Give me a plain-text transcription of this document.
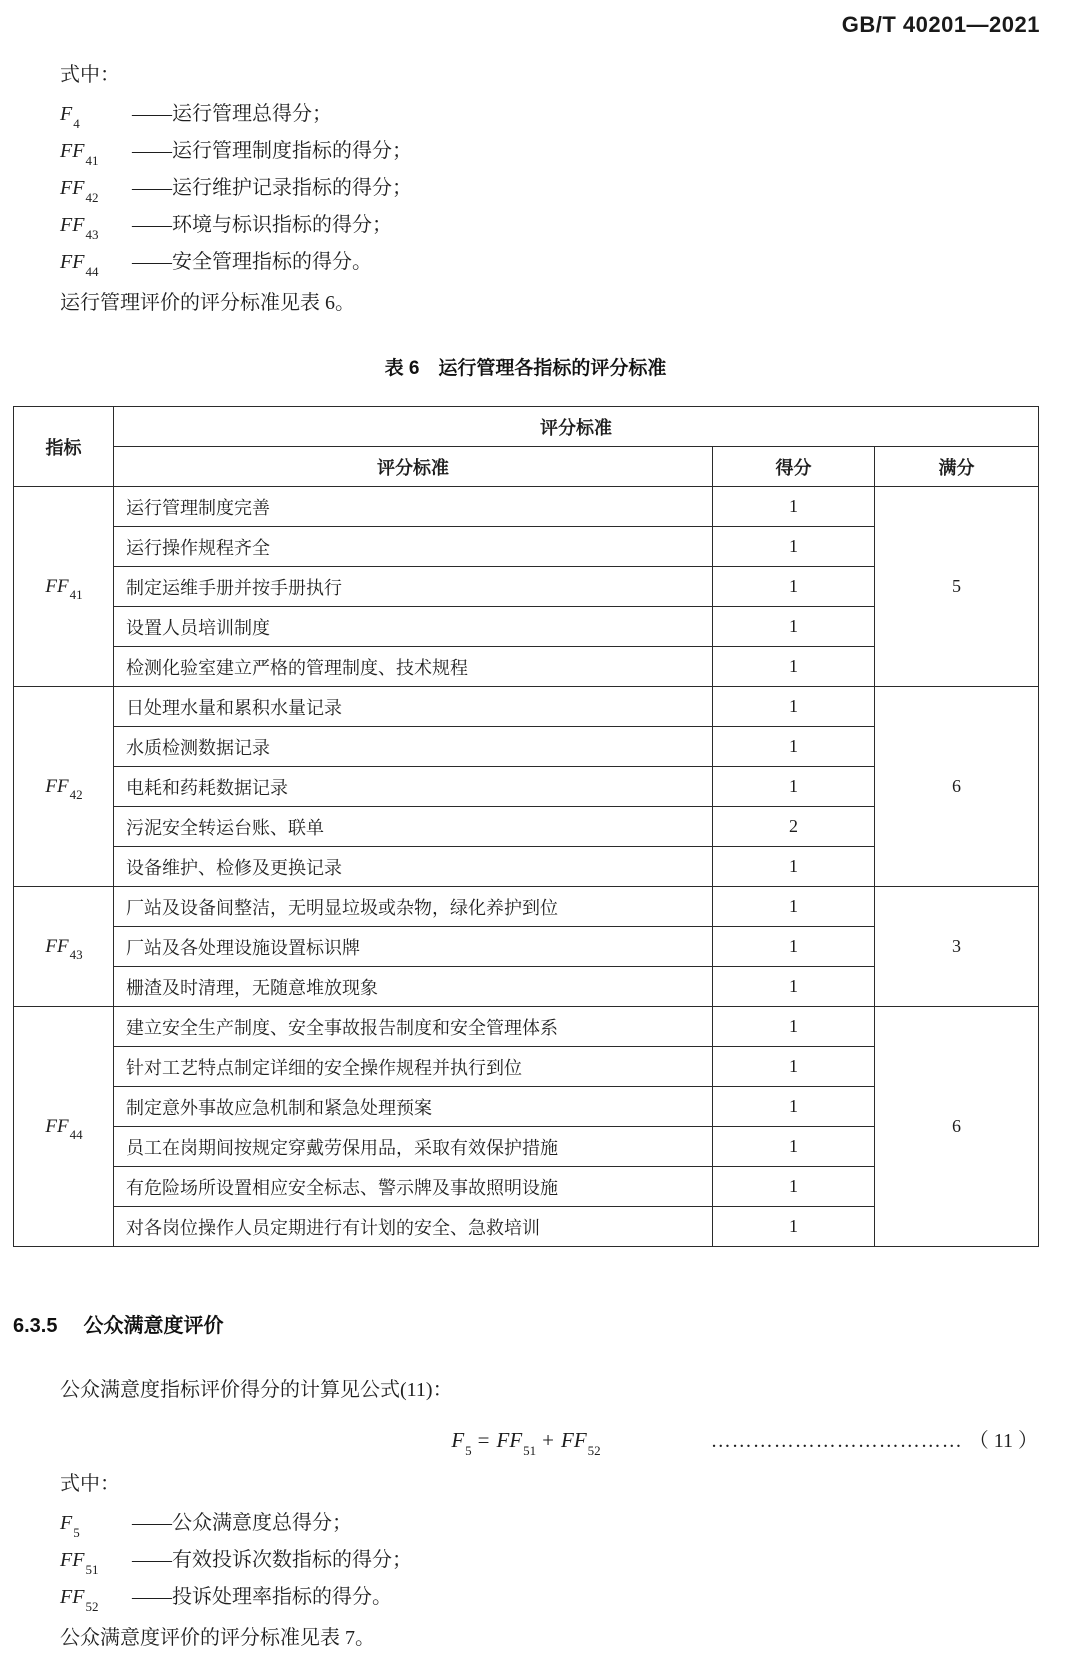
GB/T 40201—2021

式中：

$F_4$	—— 运行管理总得分；
$FF_{41}$	—— 运行管理制度指标的得分；
$FF_{42}$	—— 运行维护记录指标的得分；
$FF_{43}$	—— 环境与标识指标的得分；
$FF_{44}$	—— 安全管理指标的得分。

运行管理评价的评分标准见表 6。

表 6　运行管理各指标的评分标准
指标	评分标准		
	评分标准	得分	满分
$FF_{41}$	运行管理制度完善	1	5
	运行操作规程齐全	1	
	制定运维手册并按手册执行	1	
	设置人员培训制度	1	
	检测化验室建立严格的管理制度、技术规程	1	
$FF_{42}$	日处理水量和累积水量记录	1	6
	水质检测数据记录	1	
	电耗和药耗数据记录	1	
	污泥安全转运台账、联单	2	
	设备维护、检修及更换记录	1	
$FF_{43}$	厂站及设备间整洁，无明显垃圾或杂物，绿化养护到位	1	3
	厂站及各处理设施设置标识牌	1	
	栅渣及时清理，无随意堆放现象	1	
$FF_{44}$	建立安全生产制度、安全事故报告制度和安全管理体系	1	6
	针对工艺特点制定详细的安全操作规程并执行到位	1	
	制定意外事故应急机制和紧急处理预案	1	
	员工在岗期间按规定穿戴劳保用品，采取有效保护措施	1	
	有危险场所设置相应安全标志、警示牌及事故照明设施	1	
	对各岗位操作人员定期进行有计划的安全、急救培训	1	
6.3.5 公众满意度评价

公众满意度指标评价得分的计算见公式(11)：

$F_5 = FF_{51} + FF_{52}$	……………………………… （ 11 ）

式中：

$F_5$	—— 公众满意度总得分；
$FF_{51}$	—— 有效投诉次数指标的得分；
$FF_{52}$	—— 投诉处理率指标的得分。

公众满意度评价的评分标准见表 7。
